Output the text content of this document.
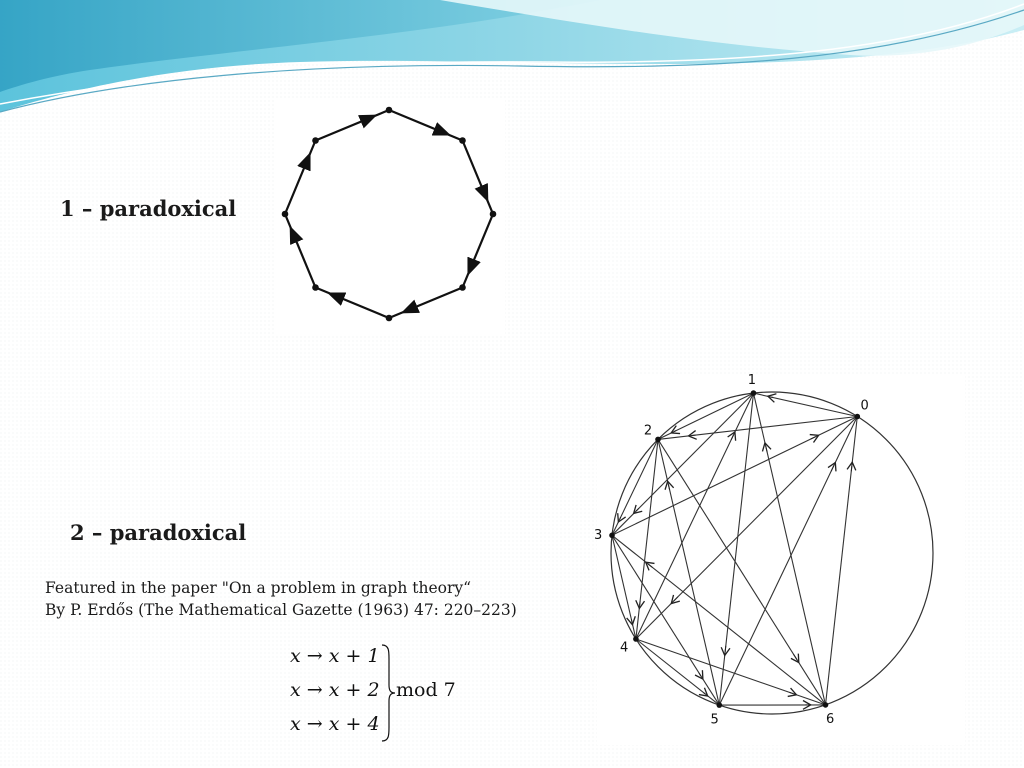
1 – paradoxical
2 – paradoxical
Featured in the paper "On a problem in graph theory“
By P. Erdős (The Mathematical Gazette (1963) 47: 220–223)
0
1
2
3
4
5	6
x → x + 1
x → x + 2
x → x + 4
mod 7
